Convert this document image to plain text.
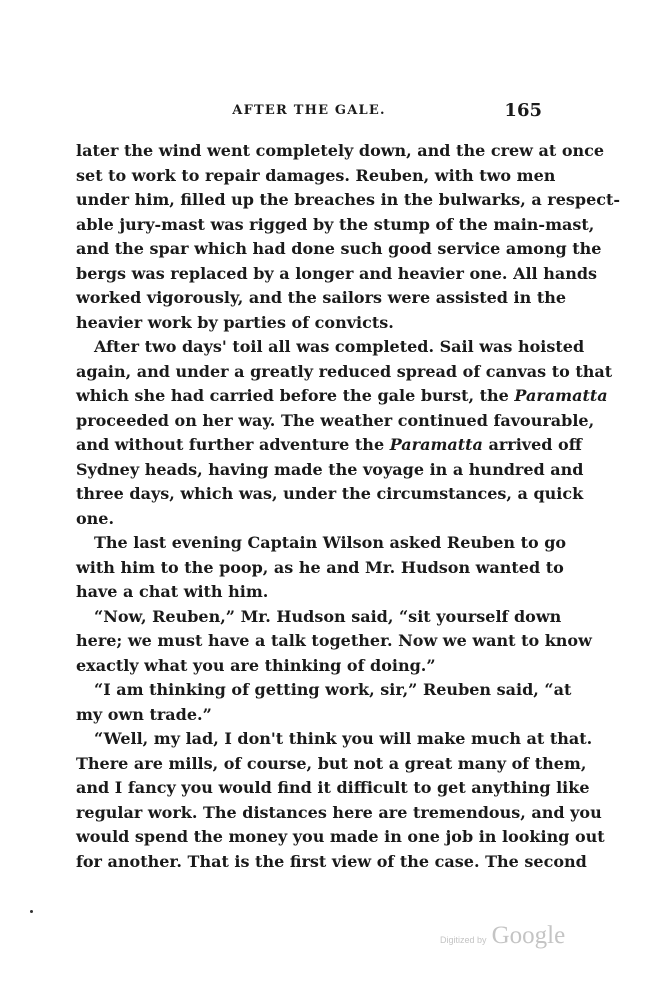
AFTER THE GALE.	165
later the wind went completely down, and the crew at once
set to work to repair damages. Reuben, with two men
under him, filled up the breaches in the bulwarks, a respect-
able jury-mast was rigged by the stump of the main-mast,
and the spar which had done such good service among the
bergs was replaced by a longer and heavier one. All hands
worked vigorously, and the sailors were assisted in the
heavier work by parties of convicts.
After two days' toil all was completed. Sail was hoisted
again, and under a greatly reduced spread of canvas to that
which she had carried before the gale burst, the Paramatta
proceeded on her way. The weather continued favourable,
and without further adventure the Paramatta arrived off
Sydney heads, having made the voyage in a hundred and
three days, which was, under the circumstances, a quick
one.
The last evening Captain Wilson asked Reuben to go
with him to the poop, as he and Mr. Hudson wanted to
have a chat with him.
“Now, Reuben,” Mr. Hudson said, “sit yourself down
here; we must have a talk together. Now we want to know
exactly what you are thinking of doing.”
“I am thinking of getting work, sir,” Reuben said, “at
my own trade.”
“Well, my lad, I don't think you will make much at that.
There are mills, of course, but not a great many of them,
and I fancy you would find it difficult to get anything like
regular work. The distances here are tremendous, and you
would spend the money you made in one job in looking out
for another. That is the first view of the case. The second
Digitized by Google
